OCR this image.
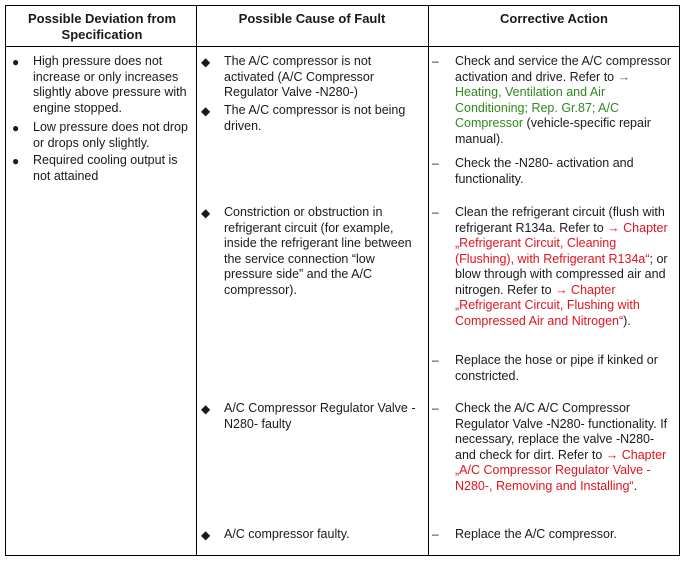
Possible Deviation from Specification
Possible Cause of Fault	Corrective Action
● High pressure does not increase or only increases slightly above pressure with engine stopped.
● Low pressure does not drop or drops only slightly.
● Required cooling output is not attained
◆ The A/C compressor is not activated (A/C Compressor Regulator Valve -N280-)
◆ The A/C compressor is not being driven.
◆ Constriction or obstruction in refrigerant circuit (for example, inside the refrigerant line between the service connection “low pressure side” and the A/C compressor).
◆ A/C Compressor Regulator Valve -N280- faulty
◆ A/C compressor faulty.
– Check and service the A/C compressor activation and drive. Refer to → Heating, Ventilation and Air Conditioning; Rep. Gr.87; A/C Compressor (vehicle-specific repair manual).
– Check the -N280- activation and functionality.
– Clean the refrigerant circuit (flush with refrigerant R134a. Refer to → Chapter „Refrigerant Circuit, Cleaning (Flushing), with Refrigerant R134a“; or blow through with compressed air and nitrogen. Refer to → Chapter „Refrigerant Circuit, Flushing with Compressed Air and Nitrogen“).
– Replace the hose or pipe if kinked or constricted.
– Check the A/C A/C Compressor Regulator Valve -N280- functionality. If necessary, replace the valve -N280- and check for dirt. Refer to → Chapter „A/C Compressor Regulator Valve -N280-, Removing and Installing“.
– Replace the A/C compressor.
